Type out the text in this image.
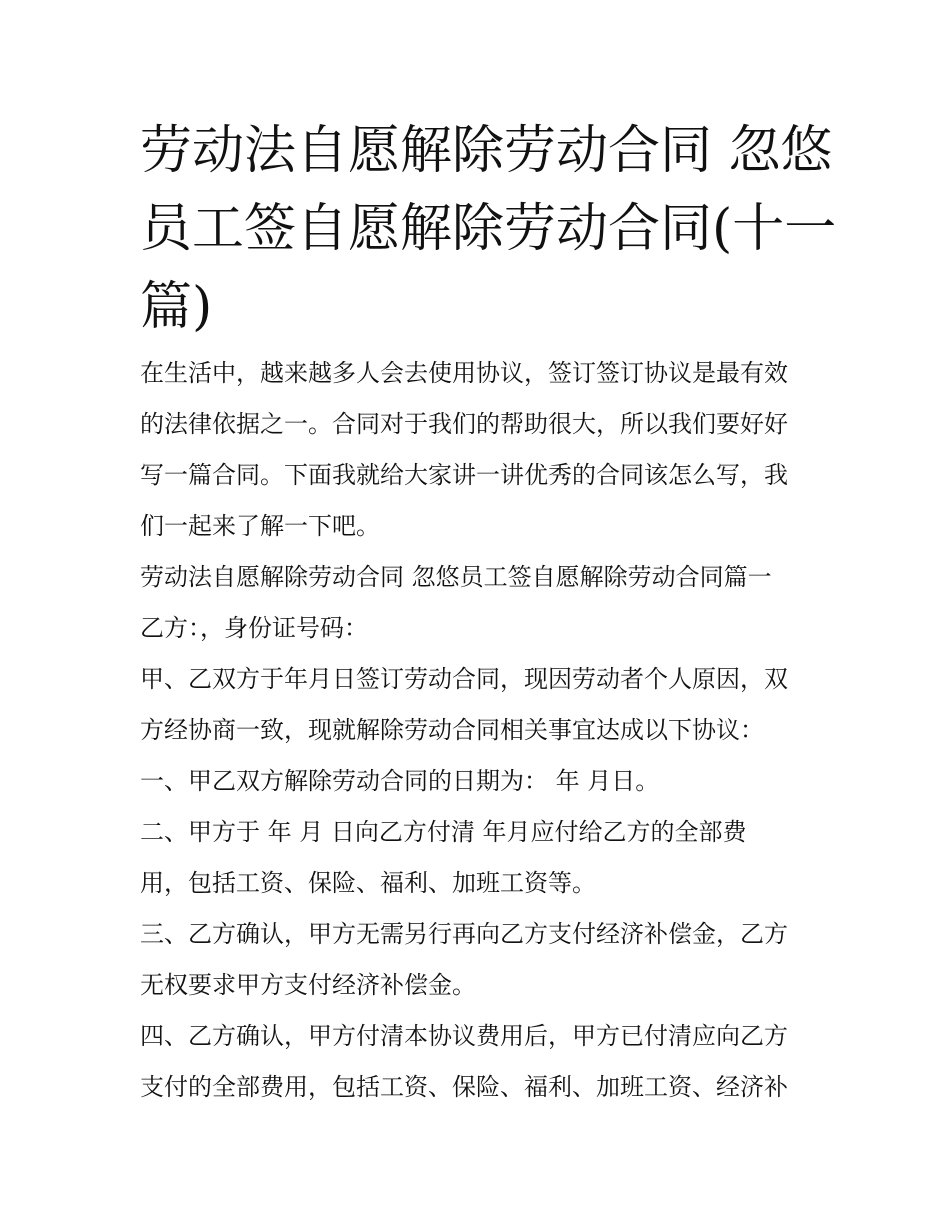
劳动法自愿解除劳动合同 忽悠
员工签自愿解除劳动合同(十一
篇)

在生活中，越来越多人会去使用协议，签订签订协议是最有效
的法律依据之一。合同对于我们的帮助很大，所以我们要好好
写一篇合同。下面我就给大家讲一讲优秀的合同该怎么写，我
们一起来了解一下吧。

劳动法自愿解除劳动合同 忽悠员工签自愿解除劳动合同篇一

乙方：，身份证号码：

甲、乙双方于年月日签订劳动合同，现因劳动者个人原因，双
方经协商一致，现就解除劳动合同相关事宜达成以下协议：

一、甲乙双方解除劳动合同的日期为： 年 月日。

二、甲方于 年 月 日向乙方付清 年月应付给乙方的全部费
用，包括工资、保险、福利、加班工资等。

三、乙方确认，甲方无需另行再向乙方支付经济补偿金，乙方
无权要求甲方支付经济补偿金。

四、乙方确认，甲方付清本协议费用后，甲方已付清应向乙方
支付的全部费用，包括工资、保险、福利、加班工资、经济补
